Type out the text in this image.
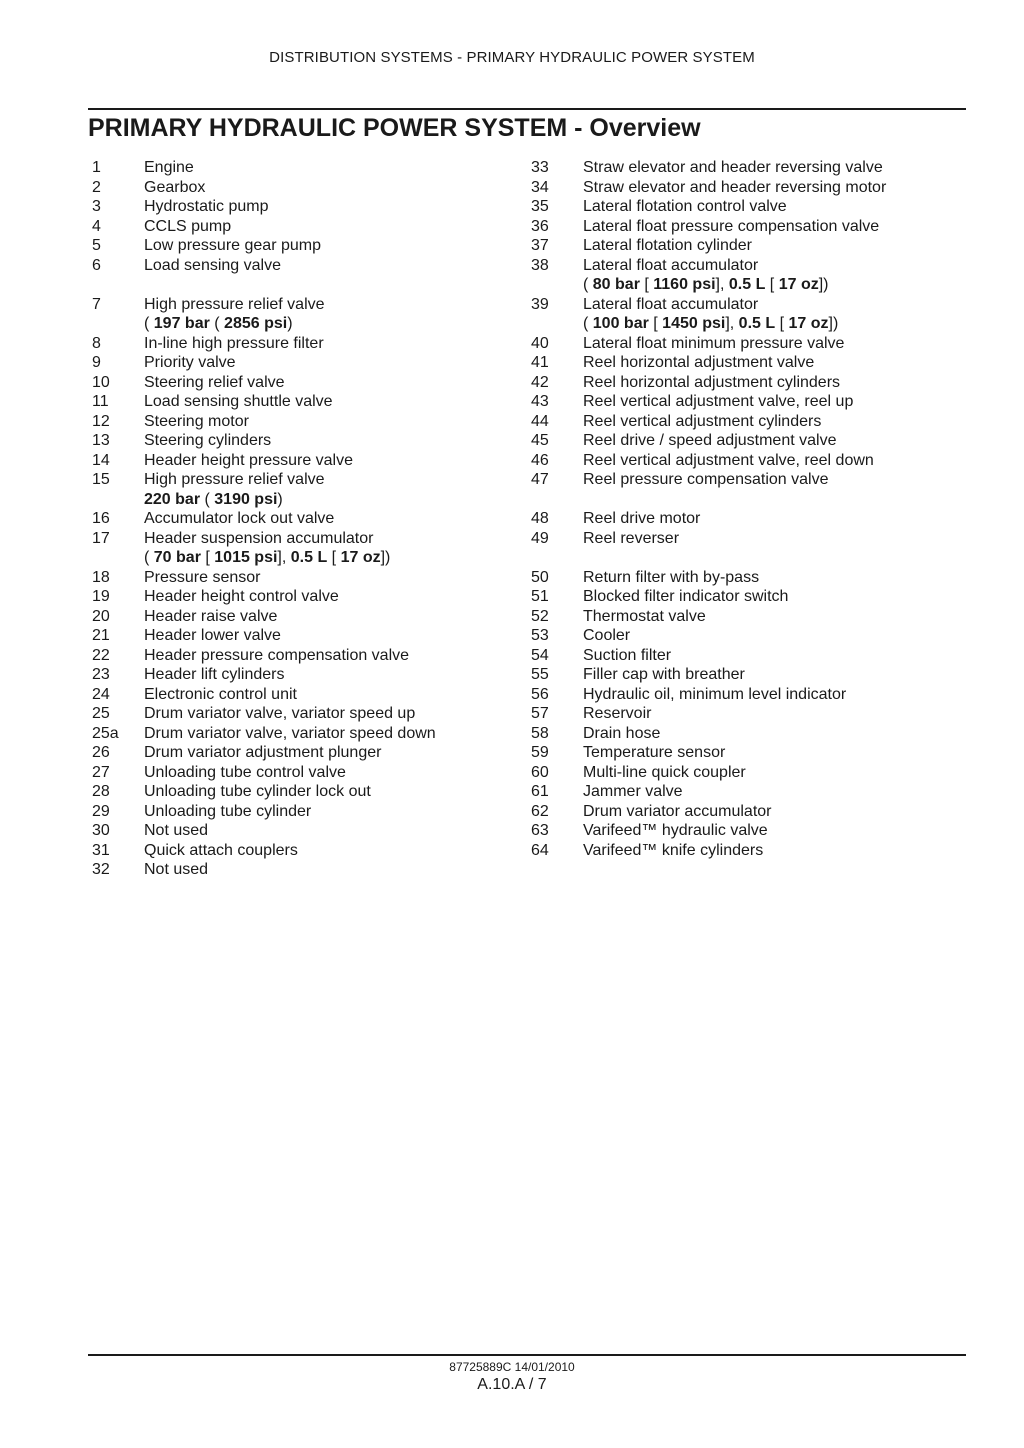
DISTRIBUTION SYSTEMS - PRIMARY HYDRAULIC POWER SYSTEM
PRIMARY HYDRAULIC POWER SYSTEM - Overview
1	Engine
2	Gearbox
3	Hydrostatic pump
4	CCLS pump
5	Low pressure gear pump
6	Load sensing valve
7	High pressure relief valve
( 197 bar ( 2856 psi)
8	In-line high pressure filter
9	Priority valve
10	Steering relief valve
11	Load sensing shuttle valve
12	Steering motor
13	Steering cylinders
14	Header height pressure valve
15	High pressure relief valve
220 bar ( 3190 psi)
16	Accumulator lock out valve
17	Header suspension accumulator
( 70 bar [ 1015 psi], 0.5 L [ 17 oz])
18	Pressure sensor
19	Header height control valve
20	Header raise valve
21	Header lower valve
22	Header pressure compensation valve
23	Header lift cylinders
24	Electronic control unit
25	Drum variator valve, variator speed up
25a	Drum variator valve, variator speed down
26	Drum variator adjustment plunger
27	Unloading tube control valve
28	Unloading tube cylinder lock out
29	Unloading tube cylinder
30	Not used
31	Quick attach couplers
32	Not used
33	Straw elevator and header reversing valve
34	Straw elevator and header reversing motor
35	Lateral flotation control valve
36	Lateral float pressure compensation valve
37	Lateral flotation cylinder
38	Lateral float accumulator
( 80 bar [ 1160 psi], 0.5 L [ 17 oz])
39	Lateral float accumulator
( 100 bar [ 1450 psi], 0.5 L [ 17 oz])
40	Lateral float minimum pressure valve
41	Reel horizontal adjustment valve
42	Reel horizontal adjustment cylinders
43	Reel vertical adjustment valve, reel up
44	Reel vertical adjustment cylinders
45	Reel drive / speed adjustment valve
46	Reel vertical adjustment valve, reel down
47	Reel pressure compensation valve
48	Reel drive motor
49	Reel reverser
50	Return filter with by-pass
51	Blocked filter indicator switch
52	Thermostat valve
53	Cooler
54	Suction filter
55	Filler cap with breather
56	Hydraulic oil, minimum level indicator
57	Reservoir
58	Drain hose
59	Temperature sensor
60	Multi-line quick coupler
61	Jammer valve
62	Drum variator accumulator
63	Varifeed™ hydraulic valve
64	Varifeed™ knife cylinders
87725889C 14/01/2010
A.10.A / 7
